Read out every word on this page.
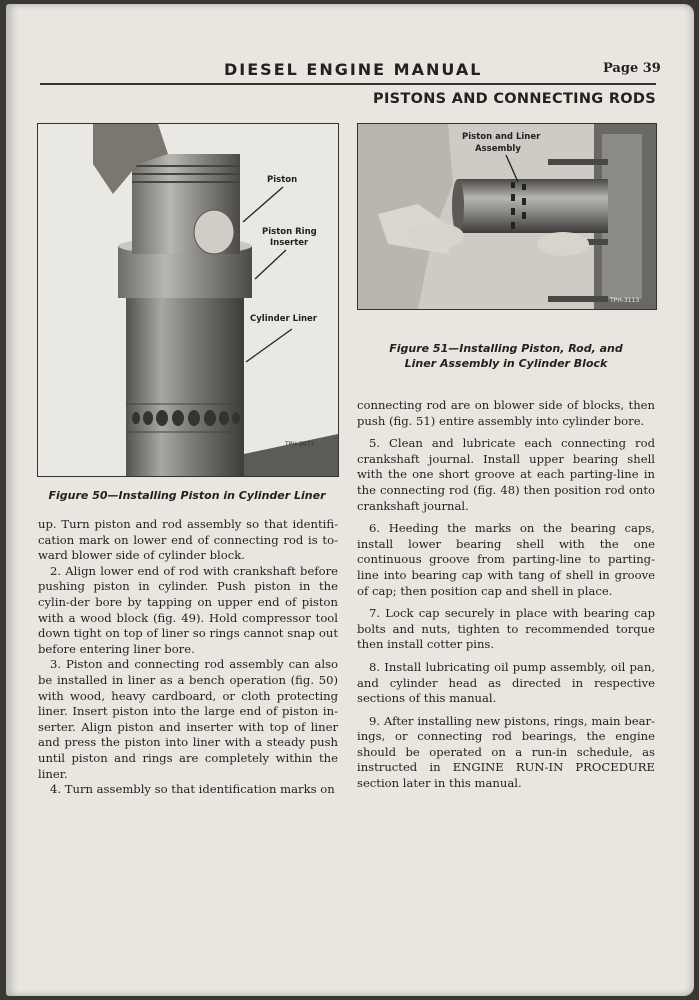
DIESEL ENGINE MANUAL	Page 39
PISTONS AND CONNECTING RODS
Piston
Piston Ring
Inserter
Cylinder Liner
TPH-2677
Figure 50—Installing Piston in Cylinder Liner
Piston and Liner
Assembly
TPH-3113
Figure 51—Installing Piston, Rod, and
Liner Assembly in Cylinder Block

up. Turn piston and rod assembly so that identifi-cation mark on lower end of connecting rod is to-ward blower side of cylinder block.

2. Align lower end of rod with crankshaft before pushing piston in cylinder. Push piston in the cylin-der bore by tapping on upper end of piston with a wood block (fig. 49). Hold compressor tool down tight on top of liner so rings cannot snap out before entering liner bore.

3. Piston and connecting rod assembly can also be installed in liner as a bench operation (fig. 50) with wood, heavy cardboard, or cloth protecting liner. Insert piston into the large end of piston in-serter. Align piston and inserter with top of liner and press the piston into liner with a steady push until piston and rings are completely within the liner.

4. Turn assembly so that identification marks on

connecting rod are on blower side of blocks, then push (fig. 51) entire assembly into cylinder bore.

5. Clean and lubricate each connecting rod crankshaft journal. Install upper bearing shell with the one short groove at each parting-line in the connecting rod (fig. 48) then position rod onto crankshaft journal.

6. Heeding the marks on the bearing caps, install lower bearing shell with the one continuous groove from parting-line to parting-line into bearing cap with tang of shell in groove of cap; then position cap and shell in place.

7. Lock cap securely in place with bearing cap bolts and nuts, tighten to recommended torque then install cotter pins.

8. Install lubricating oil pump assembly, oil pan, and cylinder head as directed in respective sections of this manual.

9. After installing new pistons, rings, main bear-ings, or connecting rod bearings, the engine should be operated on a run-in schedule, as instructed in ENGINE RUN-IN PROCEDURE section later in this manual.
